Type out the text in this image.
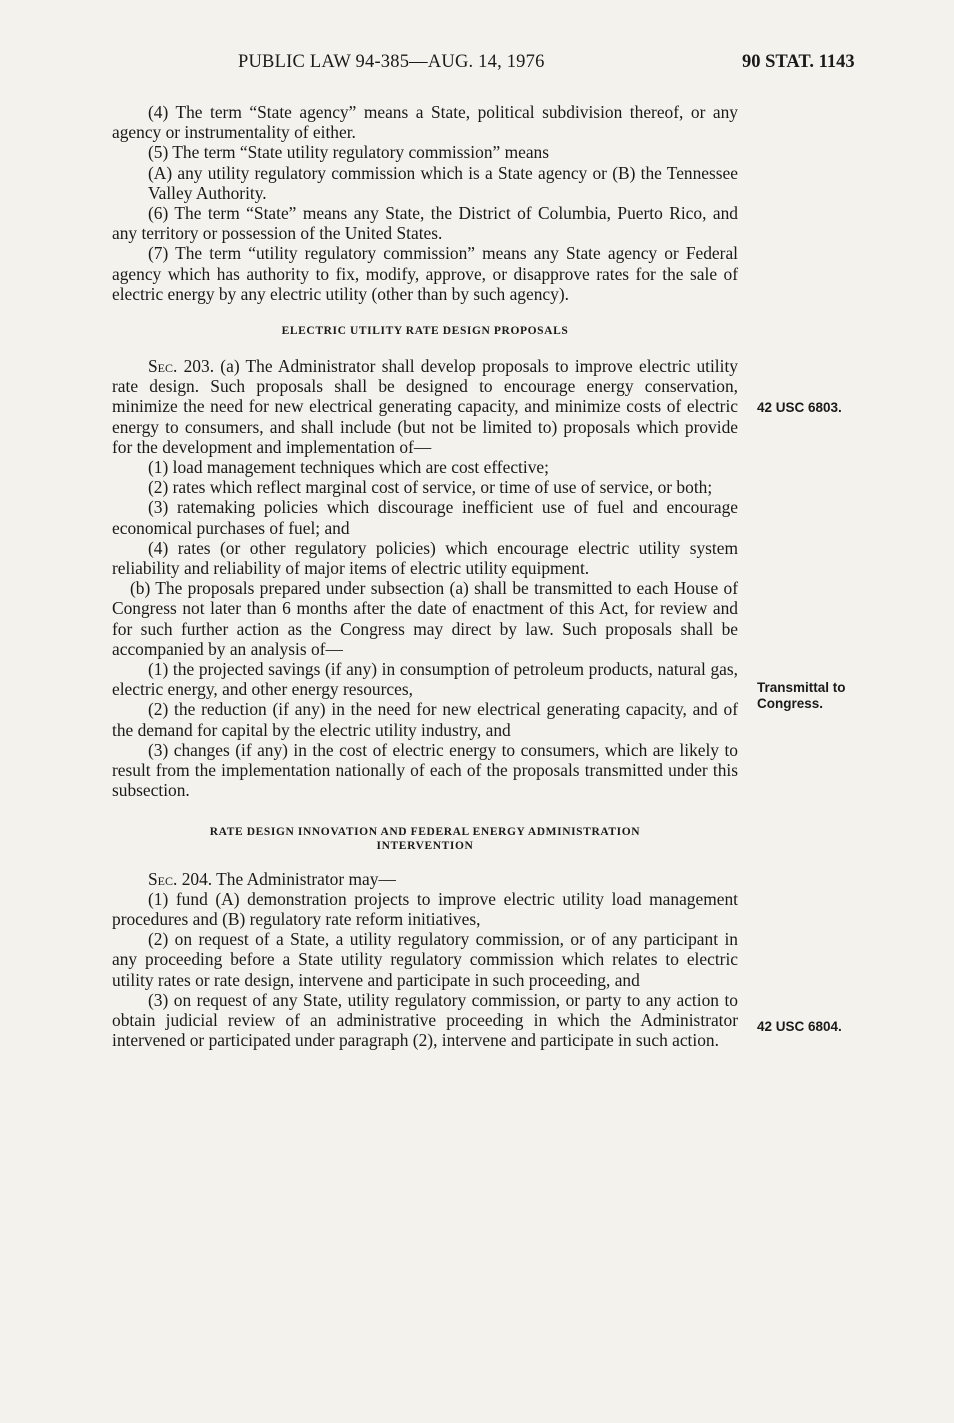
PUBLIC LAW 94-385—AUG. 14, 1976	90 STAT. 1143

(4) The term “State agency” means a State, political subdivision thereof, or any agency or instrumentality of either.

(5) The term “State utility regulatory commission” means

(A) any utility regulatory commission which is a State agency or (B) the Tennessee Valley Authority.

(6) The term “State” means any State, the District of Columbia, Puerto Rico, and any territory or possession of the United States.

(7) The term “utility regulatory commission” means any State agency or Federal agency which has authority to fix, modify, approve, or disapprove rates for the sale of electric energy by any electric utility (other than by such agency).

ELECTRIC UTILITY RATE DESIGN PROPOSALS

Sec. 203. (a) The Administrator shall develop proposals to improve electric utility rate design. Such proposals shall be designed to encourage energy conservation, minimize the need for new electrical generating capacity, and minimize costs of electric energy to consumers, and shall include (but not be limited to) proposals which provide for the development and implementation of—

(1) load management techniques which are cost effective;

(2) rates which reflect marginal cost of service, or time of use of service, or both;

(3) ratemaking policies which discourage inefficient use of fuel and encourage economical purchases of fuel; and

(4) rates (or other regulatory policies) which encourage electric utility system reliability and reliability of major items of electric utility equipment.

(b) The proposals prepared under subsection (a) shall be transmitted to each House of Congress not later than 6 months after the date of enactment of this Act, for review and for such further action as the Congress may direct by law. Such proposals shall be accompanied by an analysis of—

(1) the projected savings (if any) in consumption of petroleum products, natural gas, electric energy, and other energy resources,

(2) the reduction (if any) in the need for new electrical generating capacity, and of the demand for capital by the electric utility industry, and

(3) changes (if any) in the cost of electric energy to consumers, which are likely to result from the implementation nationally of each of the proposals transmitted under this subsection.

RATE DESIGN INNOVATION AND FEDERAL ENERGY ADMINISTRATION
INTERVENTION

Sec. 204. The Administrator may—

(1) fund (A) demonstration projects to improve electric utility load management procedures and (B) regulatory rate reform initiatives,

(2) on request of a State, a utility regulatory commission, or of any participant in any proceeding before a State utility regulatory commission which relates to electric utility rates or rate design, intervene and participate in such proceeding, and

(3) on request of any State, utility regulatory commission, or party to any action to obtain judicial review of an administrative proceeding in which the Administrator intervened or participated under paragraph (2), intervene and participate in such action.

42 USC 6803.
Transmittal to Congress.
42 USC 6804.
